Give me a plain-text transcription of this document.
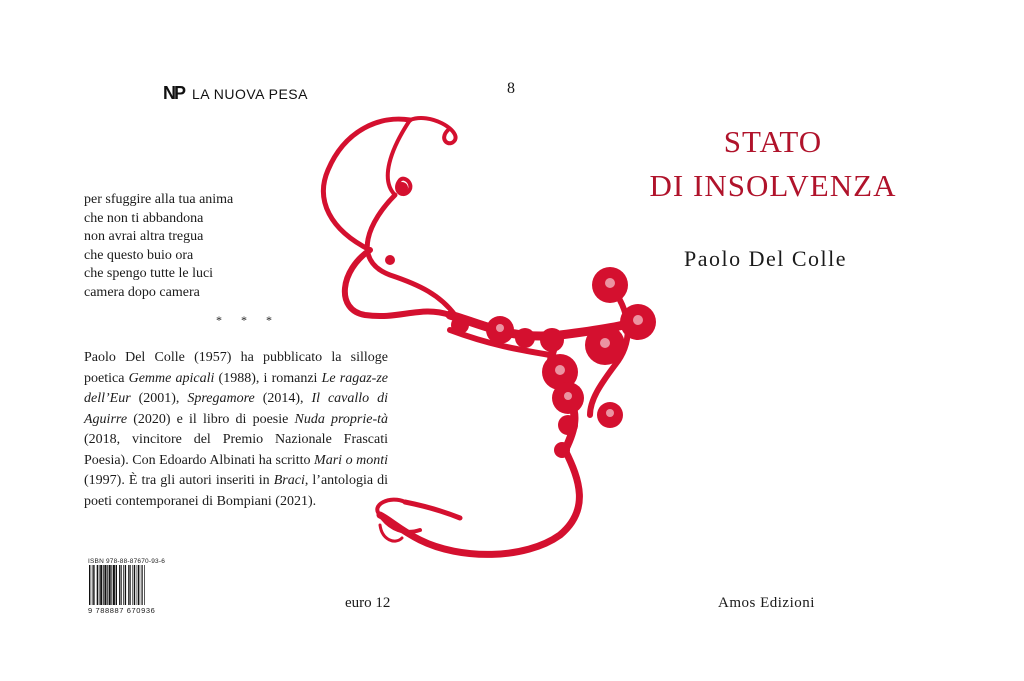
NP LA NUOVA PESA	8
per sfuggire alla tua anima
che non ti abbandona
non avrai altra tregua
che questo buio ora
che spengo tutte le luci
camera dopo camera
* * *
Paolo Del Colle (1957) ha pubblicato la silloge poetica Gemme apicali (1988), i romanzi Le ragaz-ze dell’Eur (2001), Spregamore (2014), Il cavallo di Aguirre (2020) e il libro di poesie Nuda proprie-tà (2018, vincitore del Premio Nazionale Frascati Poesia). Con Edoardo Albinati ha scritto Mari o monti (1997). È tra gli autori inseriti in Braci, l’antologia di poeti contemporanei di Bompiani (2021).
ISBN 978-88-87670-93-6
9 788887 670936	euro 12
STATO
DI INSOLVENZA
Paolo Del Colle
Amos Edizioni
